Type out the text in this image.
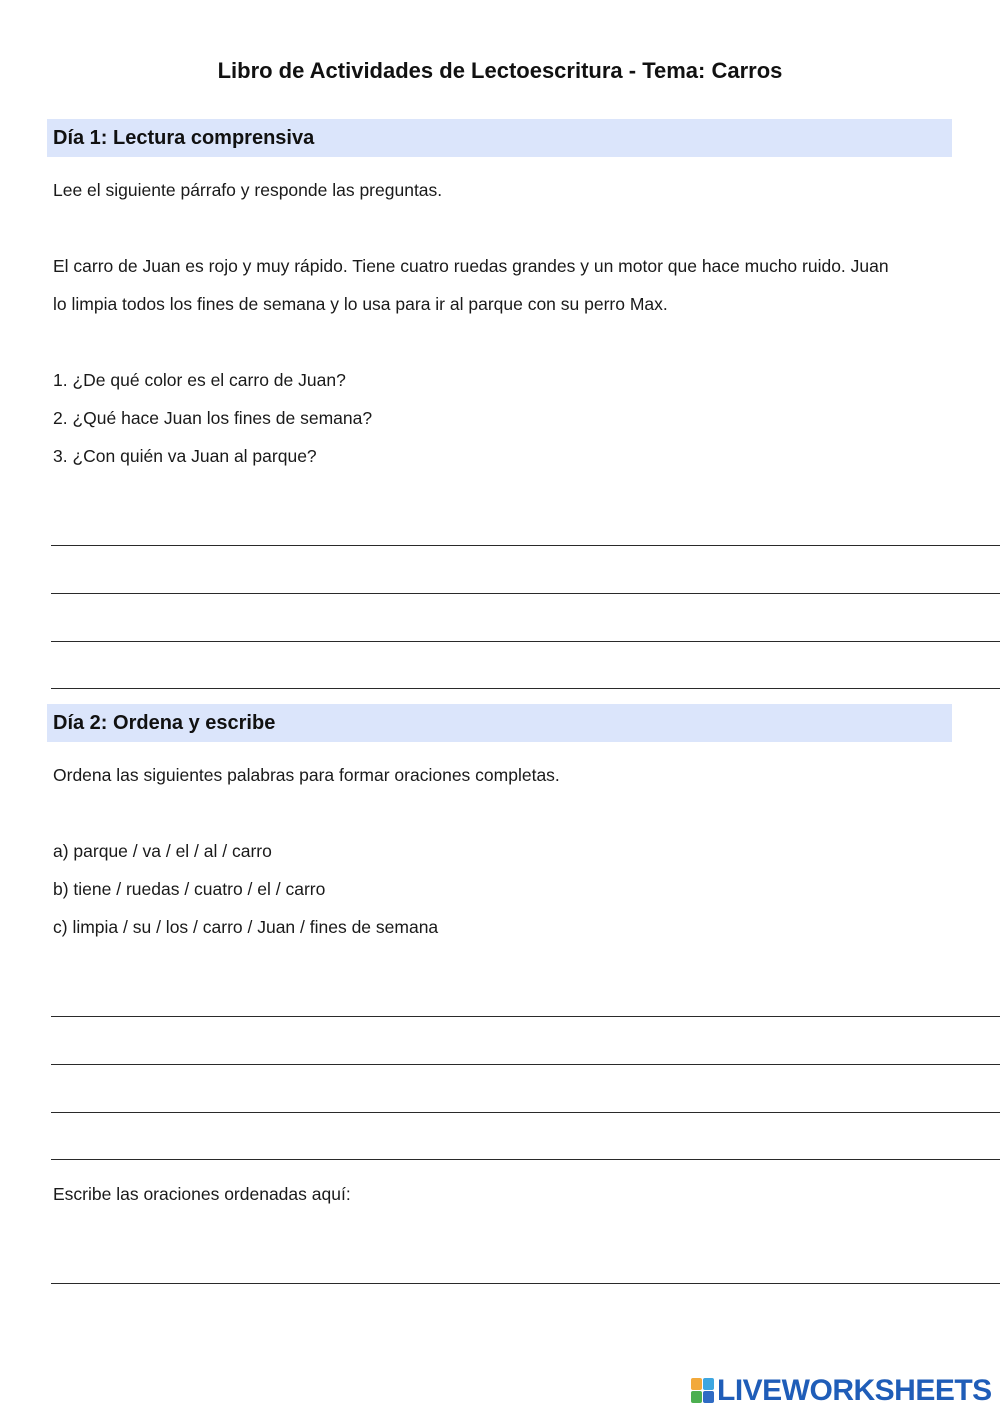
Libro de Actividades de Lectoescritura - Tema: Carros
Día 1: Lectura comprensiva
Lee el siguiente párrafo y responde las preguntas.
El carro de Juan es rojo y muy rápido. Tiene cuatro ruedas grandes y un motor que hace mucho ruido. Juan
lo limpia todos los fines de semana y lo usa para ir al parque con su perro Max.
1. ¿De qué color es el carro de Juan?
2. ¿Qué hace Juan los fines de semana?
3. ¿Con quién va Juan al parque?
Día 2: Ordena y escribe
Ordena las siguientes palabras para formar oraciones completas.
a) parque / va / el / al / carro
b) tiene / ruedas / cuatro / el / carro
c) limpia / su / los / carro / Juan / fines de semana
Escribe las oraciones ordenadas aquí:
LIVEWORKSHEETS
